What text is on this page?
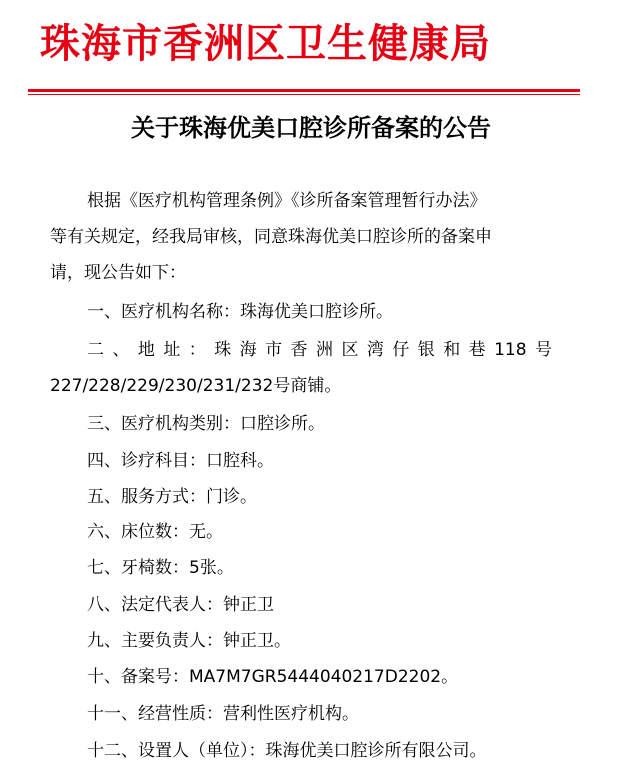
珠海市香洲区卫生健康局
关于珠海优美口腔诊所备案的公告
根据《医疗机构管理条例》《诊所备案管理暂行办法》
等有关规定，经我局审核，同意珠海优美口腔诊所的备案申
请，现公告如下：
一、医疗机构名称：珠海优美口腔诊所。
二、地址：珠海市香洲区湾仔银和巷118号
227/228/229/230/231/232号商铺。
三、医疗机构类别：口腔诊所。
四、诊疗科目：口腔科。
五、服务方式：门诊。
六、床位数：无。
七、牙椅数：5张。
八、法定代表人：钟正卫
九、主要负责人：钟正卫。
十、备案号：MA7M7GR5444040217D2202。
十一、经营性质：营利性医疗机构。
十二、设置人（单位）：珠海优美口腔诊所有限公司。
